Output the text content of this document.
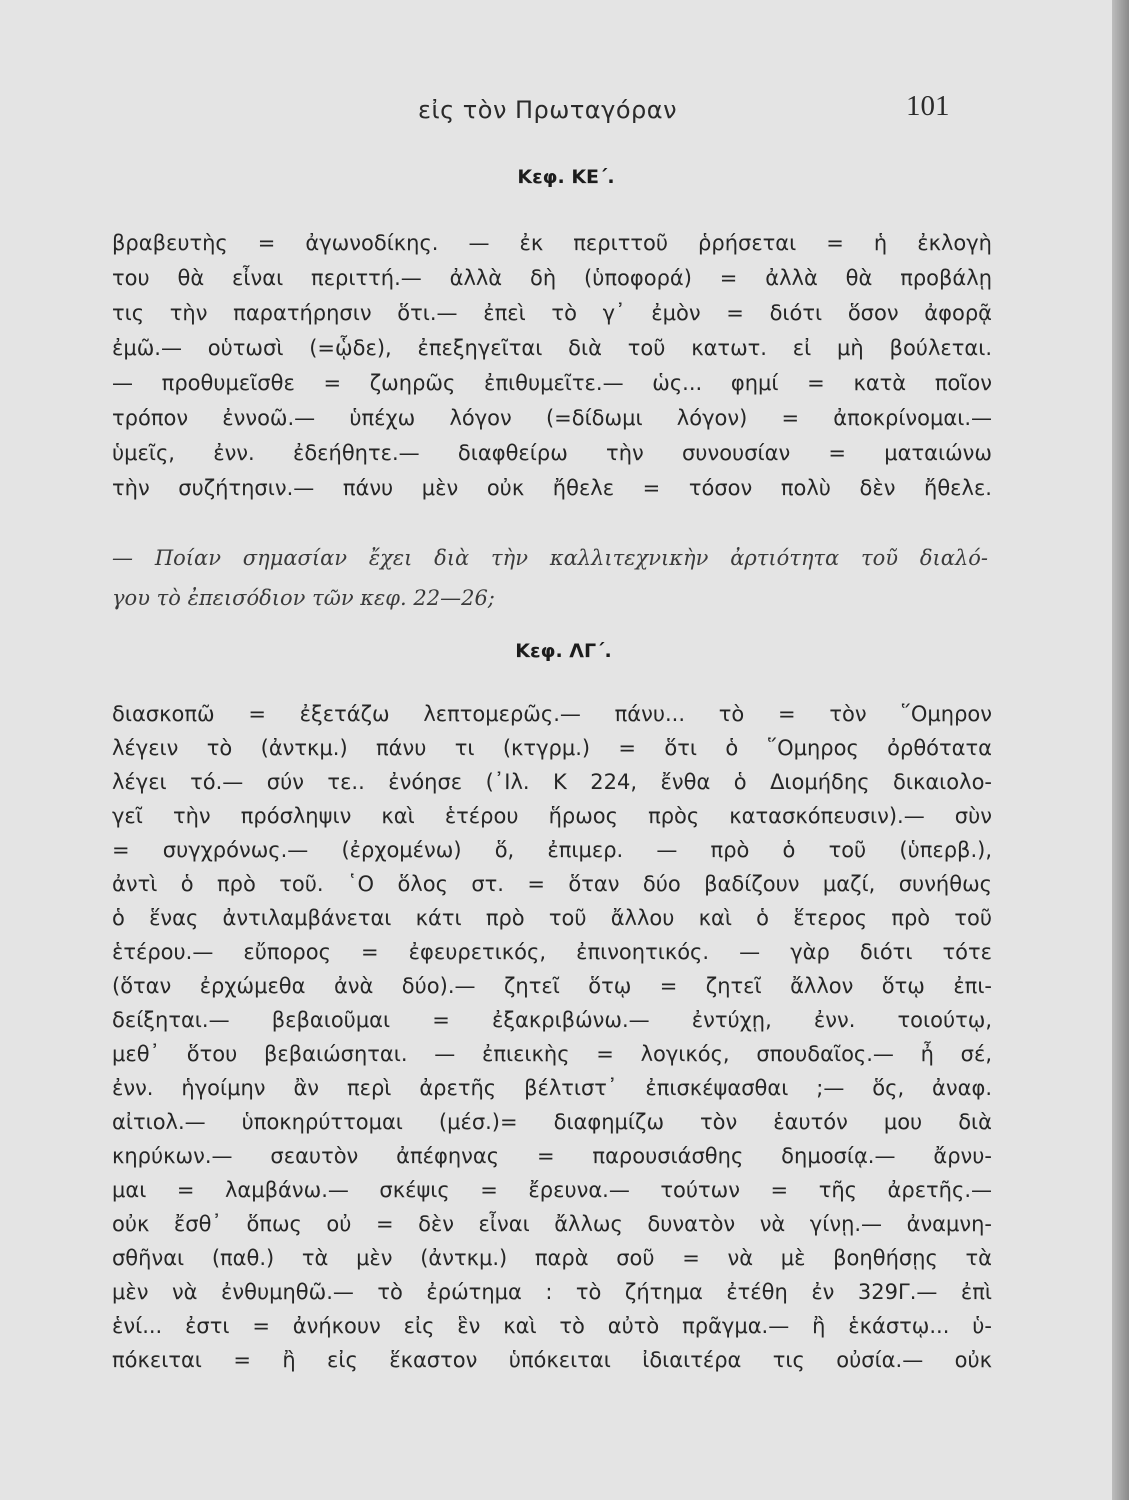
εἰς τὸν Πρωταγόραν	101
Κεφ. ΚΕ΄.
βραβευτὴς = ἀγωνοδίκης. — ἐκ περιττοῦ ῥρήσεται = ἡ ἐκλογὴ
του θὰ εἶναι περιττή.— ἀλλὰ δὴ (ὑποφορά) = ἀλλὰ θὰ προβάλῃ
τις τὴν παρατήρησιν ὅτι.— ἐπεὶ τὸ γ᾽ ἐμὸν = διότι ὅσον ἀφορᾷ
ἐμῶ.— οὑτωσὶ (=ᾧδε), ἐπεξηγεῖται διὰ τοῦ κατωτ. εἰ μὴ βούλεται.
— προθυμεῖσθε = ζωηρῶς ἐπιθυμεῖτε.— ὡς... φημί = κατὰ ποῖον
τρόπον ἐννοῶ.— ὑπέχω λόγον (=δίδωμι λόγον) = ἀποκρίνομαι.—
ὑμεῖς, ἐνν. ἐδεήθητε.— διαφθείρω τὴν συνουσίαν = ματαιώνω
τὴν συζήτησιν.— πάνυ μὲν οὐκ ἤθελε = τόσον πολὺ δὲν ἤθελε.
— Ποίαν σημασίαν ἔχει διὰ τὴν καλλιτεχνικὴν ἀρτιότητα τοῦ διαλό-
γου τὸ ἐπεισόδιον τῶν κεφ. 22—26;
Κεφ. ΛΓ΄.
διασκοπῶ = ἐξετάζω λεπτομερῶς.— πάνυ... τὸ = τὸν ῞Ομηρον
λέγειν τὸ (ἀντκμ.) πάνυ τι (κτγρμ.) = ὅτι ὁ ῞Ομηρος ὀρθότατα
λέγει τό.— σύν τε.. ἐνόησε (᾽Ιλ. Κ 224, ἔνθα ὁ Διομήδης δικαιολο-
γεῖ τὴν πρόσληψιν καὶ ἑτέρου ἥρωος πρὸς κατασκόπευσιν).— σὺν
= συγχρόνως.— (ἐρχομένω) ὅ, ἐπιμερ. — πρὸ ὁ τοῦ (ὑπερβ.),
ἀντὶ ὁ πρὸ τοῦ. ῾Ο ὅλος στ. = ὅταν δύο βαδίζουν μαζί, συνήθως
ὁ ἕνας ἀντιλαμβάνεται κάτι πρὸ τοῦ ἄλλου καὶ ὁ ἕτερος πρὸ τοῦ
ἑτέρου.— εὔπορος = ἐφευρετικός, ἐπινοητικός. — γὰρ διότι τότε
(ὅταν ἐρχώμεθα ἀνὰ δύο).— ζητεῖ ὅτῳ = ζητεῖ ἄλλον ὅτῳ ἐπι-
δείξηται.— βεβαιοῦμαι = ἐξακριβώνω.— ἐντύχῃ, ἐνν. τοιούτῳ,
μεθ᾽ ὅτου βεβαιώσηται. — ἐπιεικὴς = λογικός, σπουδαῖος.— ἦ σέ,
ἐνν. ἡγοίμην ἂν περὶ ἀρετῆς βέλτιστ᾽ ἐπισκέψασθαι ;— ὅς, ἀναφ.
αἰτιολ.— ὑποκηρύττομαι (μέσ.)= διαφημίζω τὸν ἑαυτόν μου διὰ
κηρύκων.— σεαυτὸν ἀπέφηνας = παρουσιάσθης δημοσίᾳ.— ἄρνυ-
μαι = λαμβάνω.— σκέψις = ἔρευνα.— τούτων = τῆς ἀρετῆς.—
οὐκ ἔσθ᾽ ὅπως οὐ = δὲν εἶναι ἄλλως δυνατὸν νὰ γίνῃ.— ἀναμνη-
σθῆναι (παθ.) τὰ μὲν (ἀντκμ.) παρὰ σοῦ = νὰ μὲ βοηθήσῃς τὰ
μὲν νὰ ἐνθυμηθῶ.— τὸ ἐρώτημα : τὸ ζήτημα ἐτέθη ἐν 329Γ.— ἐπὶ
ἑνί... ἐστι = ἀνήκουν εἰς ἓν καὶ τὸ αὐτὸ πρᾶγμα.— ἢ ἑκάστῳ... ὑ-
πόκειται = ἢ εἰς ἕκαστον ὑπόκειται ἰδιαιτέρα τις οὐσία.— οὐκ
